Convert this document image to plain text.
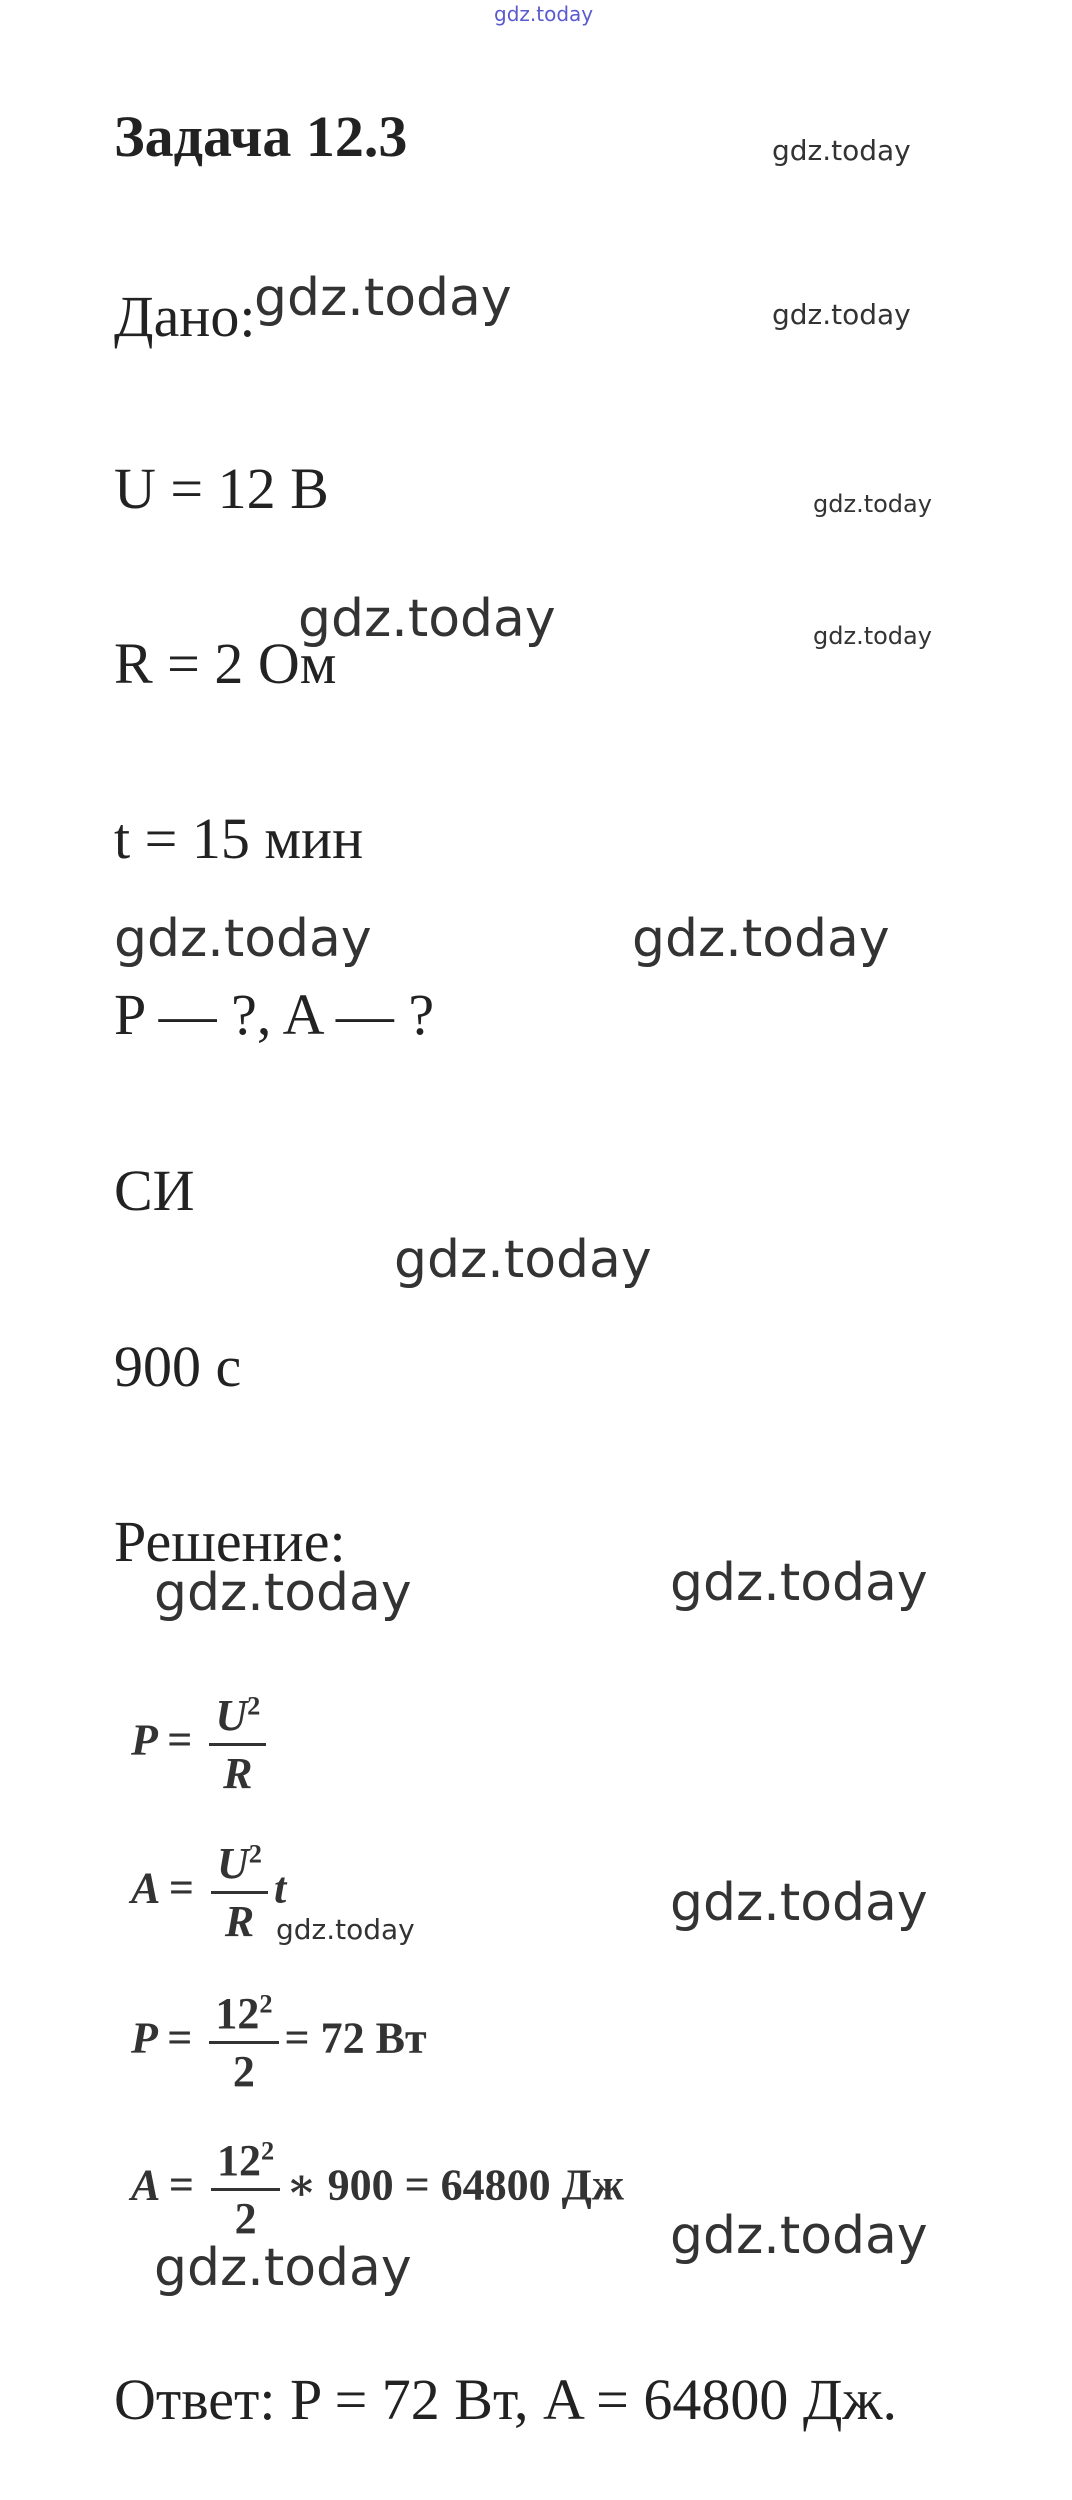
gdz.today
Задача 12.3	gdz.today
Дано:
gdz.today	gdz.today
U = 12 В	gdz.today
gdz.today
R = 2 Ом	gdz.today
t = 15 мин
gdz.today	gdz.today
P — ?, A — ?
СИ
gdz.today
900 с
Решение:
gdz.today	gdz.today
$P = \frac{U^2}{R}$
$A = \frac{U^2}{R}$ t
gdz.today	gdz.today
$P = \frac{12^2}{2} = 72$ Вт
$A = \frac{12^2}{2}$ ∗ 900 = 64800 Дж
gdz.today
gdz.today
Ответ: P = 72 Вт, A = 64800 Дж.
